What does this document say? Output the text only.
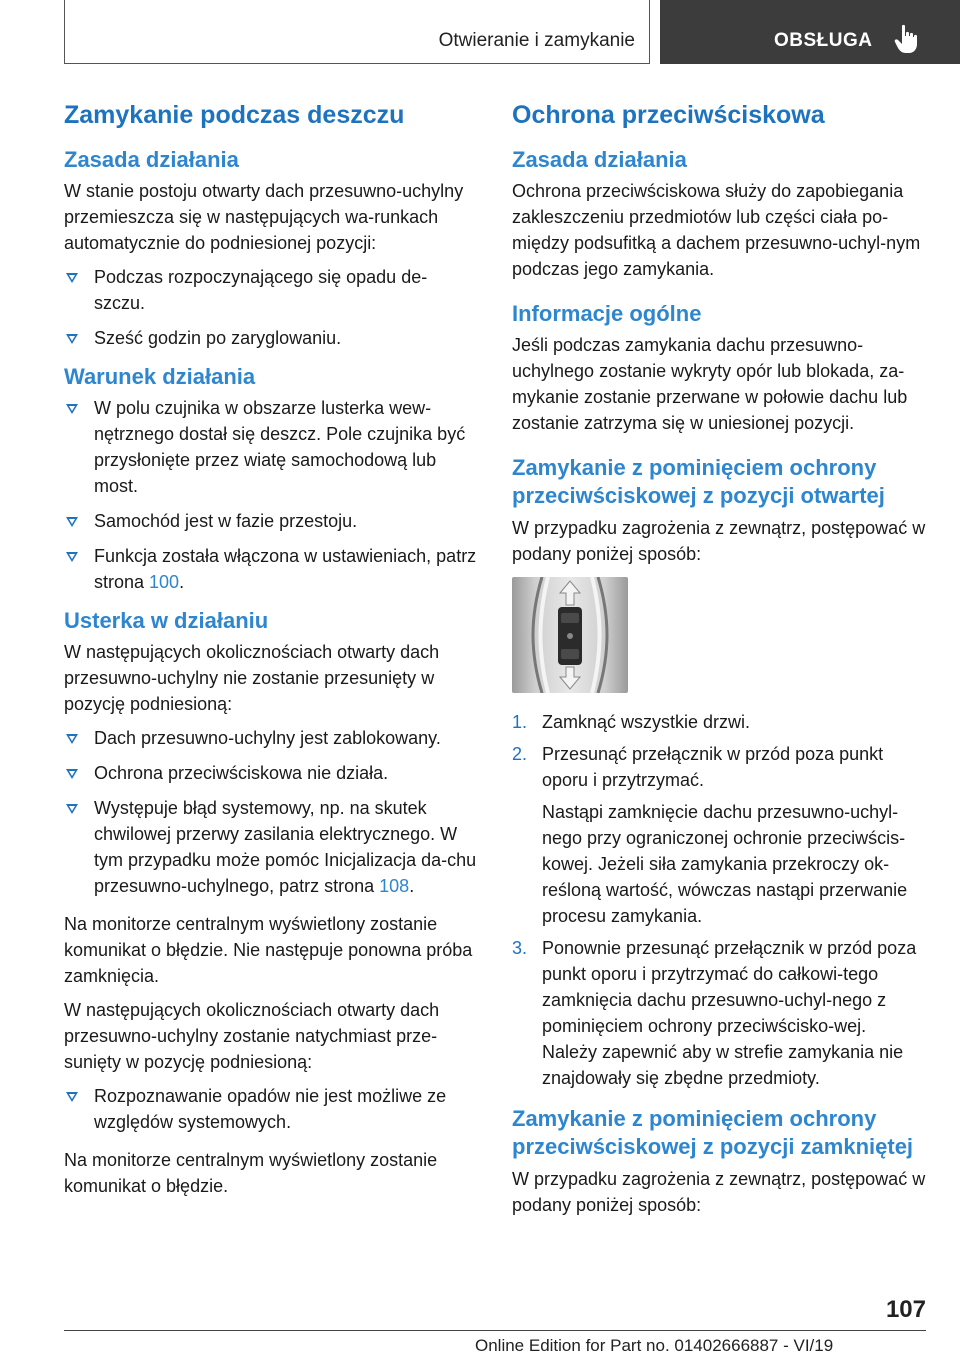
Otwieranie i zamykanie	OBSŁUGA
Zamykanie podczas deszczu
Zasada działania
W stanie postoju otwarty dach przesuwno-uchylny przemieszcza się w następujących wa-runkach automatycznie do podniesionej pozycji:
Podczas rozpoczynającego się opadu de-szczu.
Sześć godzin po zaryglowaniu.
Warunek działania
W polu czujnika w obszarze lusterka wew-nętrznego dostał się deszcz. Pole czujnika być przysłonięte przez wiatę samochodową lub most.
Samochód jest w fazie przestoju.
Funkcja została włączona w ustawieniach, patrz strona 100.
Usterka w działaniu
W następujących okolicznościach otwarty dach przesuwno-uchylny nie zostanie przesunięty w pozycję podniesioną:
Dach przesuwno-uchylny jest zablokowany.
Ochrona przeciwściskowa nie działa.
Występuje błąd systemowy, np. na skutek chwilowej przerwy zasilania elektrycznego. W tym przypadku może pomóc Inicjalizacja da-chu przesuwno-uchylnego, patrz strona 108.
Na monitorze centralnym wyświetlony zostanie komunikat o błędzie. Nie następuje ponowna próba zamknięcia.
W następujących okolicznościach otwarty dach przesuwno-uchylny zostanie natychmiast prze-sunięty w pozycję podniesioną:
Rozpoznawanie opadów nie jest możliwe ze względów systemowych.
Na monitorze centralnym wyświetlony zostanie komunikat o błędzie.
Ochrona przeciwściskowa
Zasada działania
Ochrona przeciwściskowa służy do zapobiegania zakleszczeniu przedmiotów lub części ciała po-między podsufitką a dachem przesuwno-uchyl-nym podczas jego zamykania.
Informacje ogólne
Jeśli podczas zamykania dachu przesuwno-uchylnego zostanie wykryty opór lub blokada, za-mykanie zostanie przerwane w połowie dachu lub zostanie zatrzyma się w uniesionej pozycji.
Zamykanie z pominięciem ochrony przeciwściskowej z pozycji otwartej
W przypadku zagrożenia z zewnątrz, postępować w podany poniżej sposób:
1. Zamknąć wszystkie drzwi.
2. Przesunąć przełącznik w przód poza punkt oporu i przytrzymać.
Nastąpi zamknięcie dachu przesuwno-uchyl-nego przy ograniczonej ochronie przeciwścis-kowej. Jeżeli siła zamykania przekroczy ok-reśloną wartość, wówczas nastąpi przerwanie procesu zamykania.
3. Ponownie przesunąć przełącznik w przód poza punkt oporu i przytrzymać do całkowi-tego zamknięcia dachu przesuwno-uchyl-nego z pominięciem ochrony przeciwścisko-wej. Należy zapewnić aby w strefie zamykania nie znajdowały się zbędne przedmioty.
Zamykanie z pominięciem ochrony przeciwściskowej z pozycji zamkniętej
W przypadku zagrożenia z zewnątrz, postępować w podany poniżej sposób:
107
Online Edition for Part no. 01402666887 - VI/19
